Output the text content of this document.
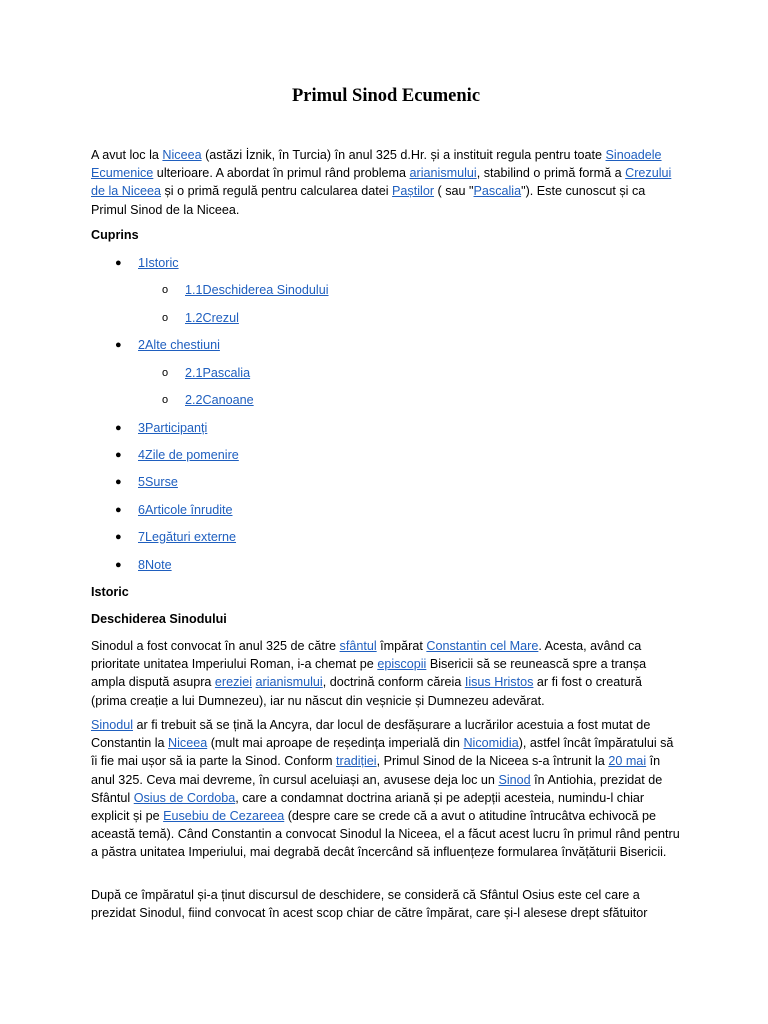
Primul Sinod Ecumenic

A avut loc la Niceea (astăzi İznik, în Turcia) în anul 325 d.Hr. și a instituit regula pentru toate Sinoadele Ecumenice ulterioare. A abordat în primul rând problema arianismului, stabilind o primă formă a Crezului de la Niceea și o primă regulă pentru calcularea datei Paștilor ( sau "Pascalia"). Este cunoscut și ca Primul Sinod de la Niceea.

Cuprins

● 1Istoric
o 1.1Deschiderea Sinodului
o 1.2Crezul
● 2Alte chestiuni
o 2.1Pascalia
o 2.2Canoane
● 3Participanți
● 4Zile de pomenire
● 5Surse
● 6Articole înrudite
● 7Legături externe
● 8Note

Istoric

Deschiderea Sinodului

Sinodul a fost convocat în anul 325 de către sfântul împărat Constantin cel Mare. Acesta, având ca prioritate unitatea Imperiului Roman, i-a chemat pe episcopii Bisericii să se reunească spre a tranșa ampla dispută asupra ereziei arianismului, doctrină conform căreia Iisus Hristos ar fi fost o creatură (prima creație a lui Dumnezeu), iar nu născut din veșnicie și Dumnezeu adevărat.

Sinodul ar fi trebuit să se țină la Ancyra, dar locul de desfășurare a lucrărilor acestuia a fost mutat de Constantin la Niceea (mult mai aproape de reședința imperială din Nicomidia), astfel încât împăratului să îi fie mai ușor să ia parte la Sinod. Conform tradiției, Primul Sinod de la Niceea s-a întrunit la 20 mai în anul 325. Ceva mai devreme, în cursul aceluiași an, avusese deja loc un Sinod în Antiohia, prezidat de Sfântul Osius de Cordoba, care a condamnat doctrina ariană și pe adepții acesteia, numindu-l chiar explicit și pe Eusebiu de Cezareea (despre care se crede că a avut o atitudine întrucâtva echivocă pe această temă). Când Constantin a convocat Sinodul la Niceea, el a făcut acest lucru în primul rând pentru a păstra unitatea Imperiului, mai degrabă decât încercând să influențeze formularea învățăturii Bisericii.

După ce împăratul și-a ținut discursul de deschidere, se consideră că Sfântul Osius este cel care a prezidat Sinodul, fiind convocat în acest scop chiar de către împărat, care și-l alesese drept sfătuitor
